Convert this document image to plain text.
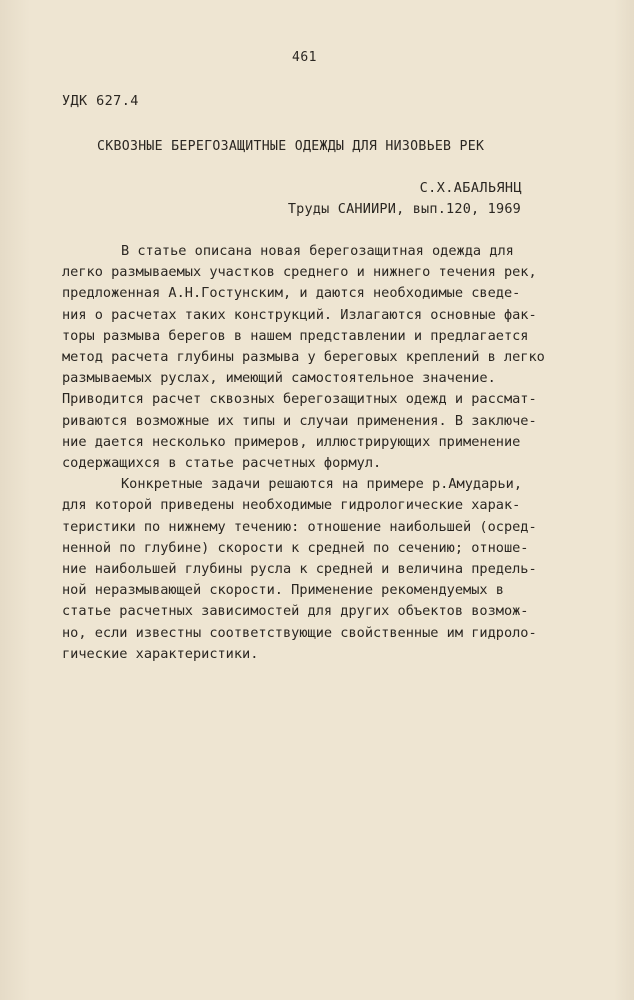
461
УДК 627.4
СКВОЗНЫЕ БЕРЕГОЗАЩИТНЫЕ ОДЕЖДЫ ДЛЯ НИЗОВЬЕВ РЕК
С.Х.АБАЛЬЯНЦ
Труды САНИИРИ, вып.120, 1969
В статье описана новая берегозащитная одежда для
легко размываемых участков среднего и нижнего течения рек,
предложенная А.Н.Гостунским, и даются необходимые сведе-
ния о расчетах таких конструкций. Излагаются основные фак-
торы размыва берегов в нашем представлении и предлагается
метод расчета глубины размыва у береговых креплений в легко
размываемых руслах, имеющий самостоятельное значение.
Приводится расчет сквозных берегозащитных одежд и рассмат-
риваются возможные их типы и случаи применения. В заключе-
ние дается несколько примеров, иллюстрирующих применение
содержащихся в статье расчетных формул.
Конкретные задачи решаются на примере р.Амударьи,
для которой приведены необходимые гидрологические харак-
теристики по нижнему течению: отношение наибольшей (осред-
ненной по глубине) скорости к средней по сечению; отноше-
ние наибольшей глубины русла к средней и величина предель-
ной неразмывающей скорости. Применение рекомендуемых в
статье расчетных зависимостей для других объектов возмож-
но, если известны соответствующие свойственные им гидроло-
гические характеристики.
